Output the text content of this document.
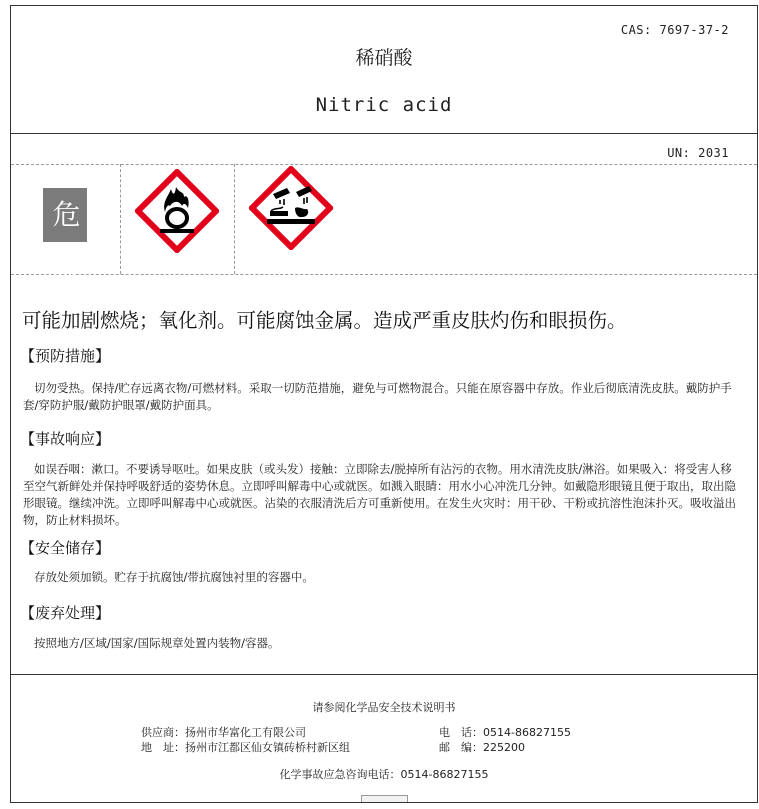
CAS: 7697-37-2
稀硝酸
Nitric acid
UN: 2031
危险
可能加剧燃烧；氧化剂。可能腐蚀金属。造成严重皮肤灼伤和眼损伤。
【预防措施】
切勿受热。保持/贮存远离衣物/可燃材料。采取一切防范措施，避免与可燃物混合。只能在原容器中存放。作业后彻底清洗皮肤。戴防护手套/穿防护服/戴防护眼罩/戴防护面具。
【事故响应】
如误吞咽：漱口。不要诱导呕吐。如果皮肤（或头发）接触：立即除去/脱掉所有沾污的衣物。用水清洗皮肤/淋浴。如果吸入：将受害人移至空气新鲜处并保持呼吸舒适的姿势休息。立即呼叫解毒中心或就医。如溅入眼睛：用水小心冲洗几分钟。如戴隐形眼镜且便于取出，取出隐形眼镜。继续冲洗。立即呼叫解毒中心或就医。沾染的衣服清洗后方可重新使用。在发生火灾时：用干砂、干粉或抗溶性泡沫扑灭。吸收溢出物，防止材料损坏。
【安全储存】
存放处须加锁。贮存于抗腐蚀/带抗腐蚀衬里的容器中。
【废弃处理】
按照地方/区域/国家/国际规章处置内装物/容器。
请参阅化学品安全技术说明书
供应商：扬州市华富化工有限公司	电　话：0514-86827155
地　址：扬州市江都区仙女镇砖桥村新区组	邮　编：225200
化学事故应急咨询电话：0514-86827155
